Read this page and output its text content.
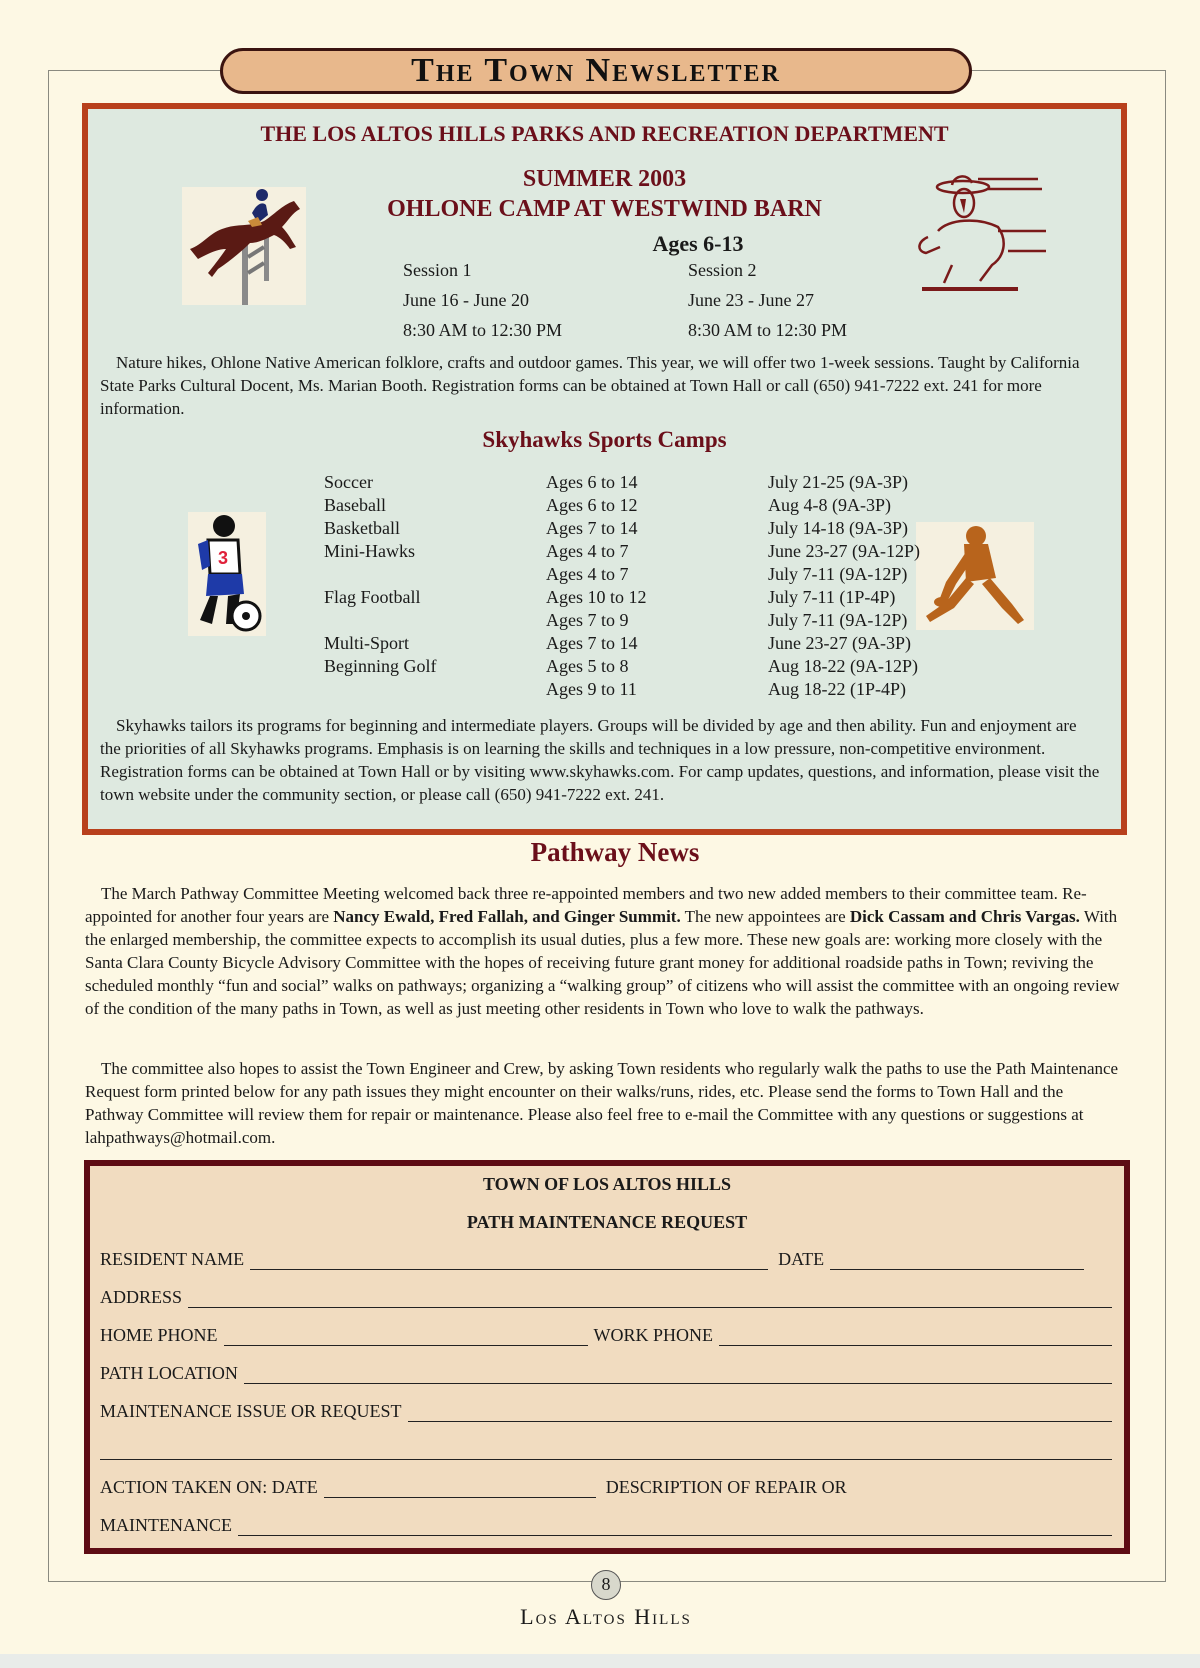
The Town Newsletter
THE LOS ALTOS HILLS PARKS AND RECREATION DEPARTMENT
SUMMER 2003
OHLONE CAMP AT WESTWIND BARN
Ages 6-13
Session 1
June 16 - June 20
8:30 AM to 12:30 PM
Session 2
June 23 - June 27
8:30 AM to 12:30 PM

Nature hikes, Ohlone Native American folklore, crafts and outdoor games. This year, we will offer two 1-week sessions. Taught by California State Parks Cultural Docent, Ms. Marian Booth. Registration forms can be obtained at Town Hall or call (650) 941-7222 ext. 241 for more information.

Skyhawks Sports Camps
3
Soccer	Ages 6 to 14	July 21-25 (9A-3P)
Baseball	Ages 6 to 12	Aug 4-8 (9A-3P)
Basketball	Ages 7 to 14	July 14-18 (9A-3P)
Mini-Hawks	Ages 4 to 7	June 23-27 (9A-12P)
	Ages 4 to 7	July 7-11 (9A-12P)
Flag Football	Ages 10 to 12	July 7-11 (1P-4P)
	Ages 7 to 9	July 7-11 (9A-12P)
Multi-Sport	Ages 7 to 14	June 23-27 (9A-3P)
Beginning Golf	Ages 5 to 8	Aug 18-22 (9A-12P)
	Ages 9 to 11	Aug 18-22 (1P-4P)

Skyhawks tailors its programs for beginning and intermediate players. Groups will be divided by age and then ability. Fun and enjoyment are the priorities of all Skyhawks programs. Emphasis is on learning the skills and techniques in a low pressure, non-competitive environment. Registration forms can be obtained at Town Hall or by visiting www.skyhawks.com. For camp updates, questions, and information, please visit the town website under the community section, or please call (650) 941-7222 ext. 241.

Pathway News

The March Pathway Committee Meeting welcomed back three re-appointed members and two new added members to their committee team. Re-appointed for another four years are Nancy Ewald, Fred Fallah, and Ginger Summit. The new appointees are Dick Cassam and Chris Vargas. With the enlarged membership, the committee expects to accomplish its usual duties, plus a few more. These new goals are: working more closely with the Santa Clara County Bicycle Advisory Committee with the hopes of receiving future grant money for additional roadside paths in Town; reviving the scheduled monthly “fun and social” walks on pathways; organizing a “walking group” of citizens who will assist the committee with an ongoing review of the condition of the many paths in Town, as well as just meeting other residents in Town who love to walk the pathways.

The committee also hopes to assist the Town Engineer and Crew, by asking Town residents who regularly walk the paths to use the Path Maintenance Request form printed below for any path issues they might encounter on their walks/runs, rides, etc. Please send the forms to Town Hall and the Pathway Committee will review them for repair or maintenance. Please also feel free to e-mail the Committee with any questions or suggestions at lahpathways@hotmail.com.

TOWN OF LOS ALTOS HILLS
PATH MAINTENANCE REQUEST
RESIDENT NAME	DATE
ADDRESS
HOME PHONE	WORK PHONE
PATH LOCATION
MAINTENANCE ISSUE OR REQUEST
ACTION TAKEN ON: DATE	DESCRIPTION OF REPAIR OR
MAINTENANCE
8
Los Altos Hills
